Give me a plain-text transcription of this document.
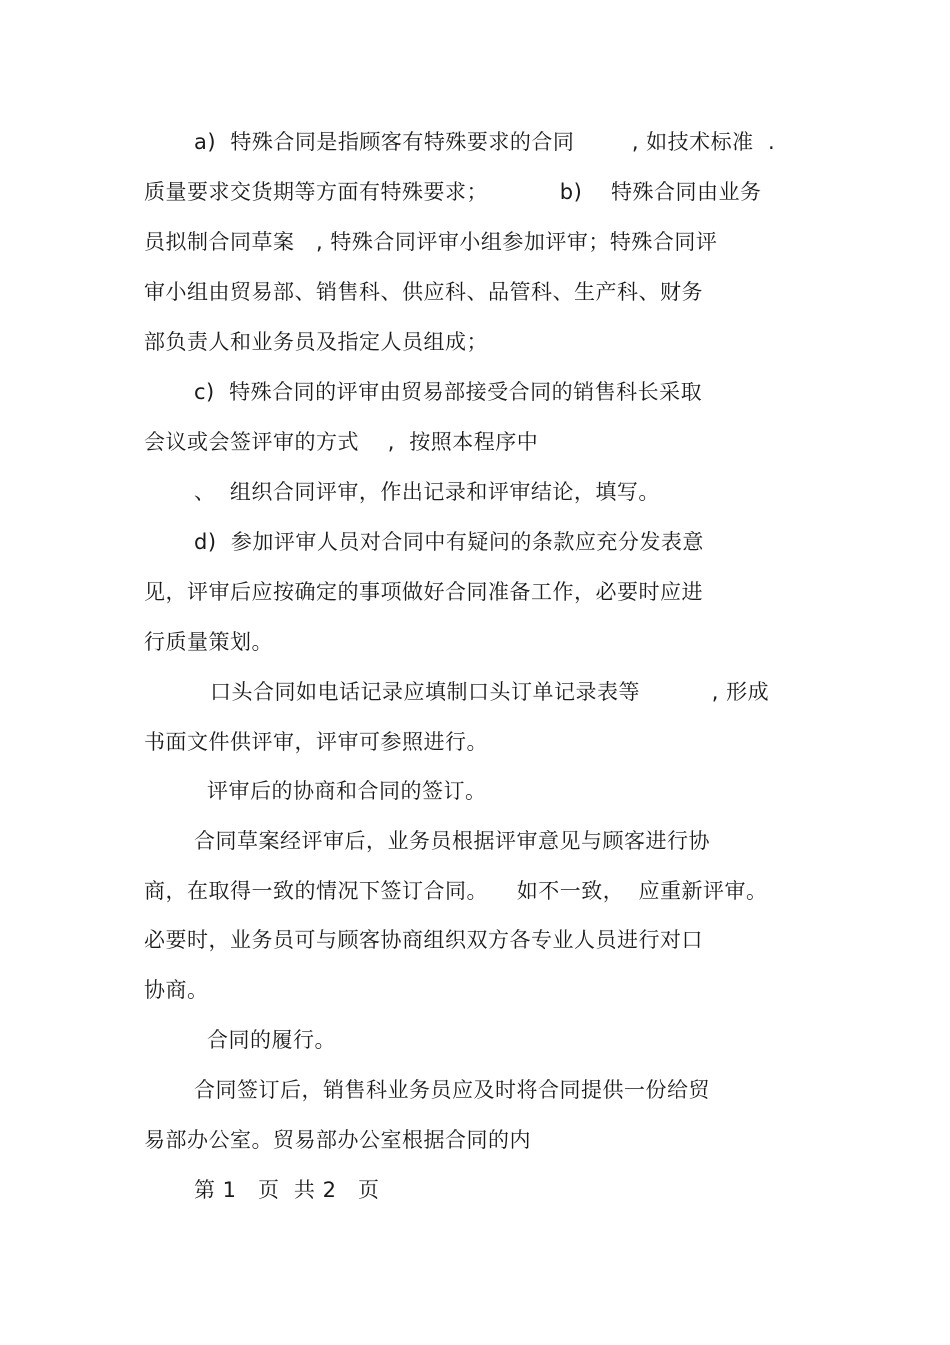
a)  特殊合同是指顾客有特殊要求的合同        , 如技术标准  .
质量要求交货期等方面有特殊要求；          b)    特殊合同由业务
员拟制合同草案   , 特殊合同评审小组参加评审；特殊合同评
审小组由贸易部、销售科、供应科、品管科、生产科、财务
部负责人和业务员及指定人员组成；
c)  特殊合同的评审由贸易部接受合同的销售科长采取
会议或会签评审的方式    ,  按照本程序中
、  组织合同评审，作出记录和评审结论，填写。
d)  参加评审人员对合同中有疑问的条款应充分发表意
见，评审后应按确定的事项做好合同准备工作，必要时应进
行质量策划。
口头合同如电话记录应填制口头订单记录表等          , 形成
书面文件供评审，评审可参照进行。
评审后的协商和合同的签订。
合同草案经评审后，业务员根据评审意见与顾客进行协
商，在取得一致的情况下签订合同。    如不一致，  应重新评审。
必要时，业务员可与顾客协商组织双方各专业人员进行对口
协商。
合同的履行。
合同签订后，销售科业务员应及时将合同提供一份给贸
易部办公室。贸易部办公室根据合同的内
第 1   页  共 2   页
